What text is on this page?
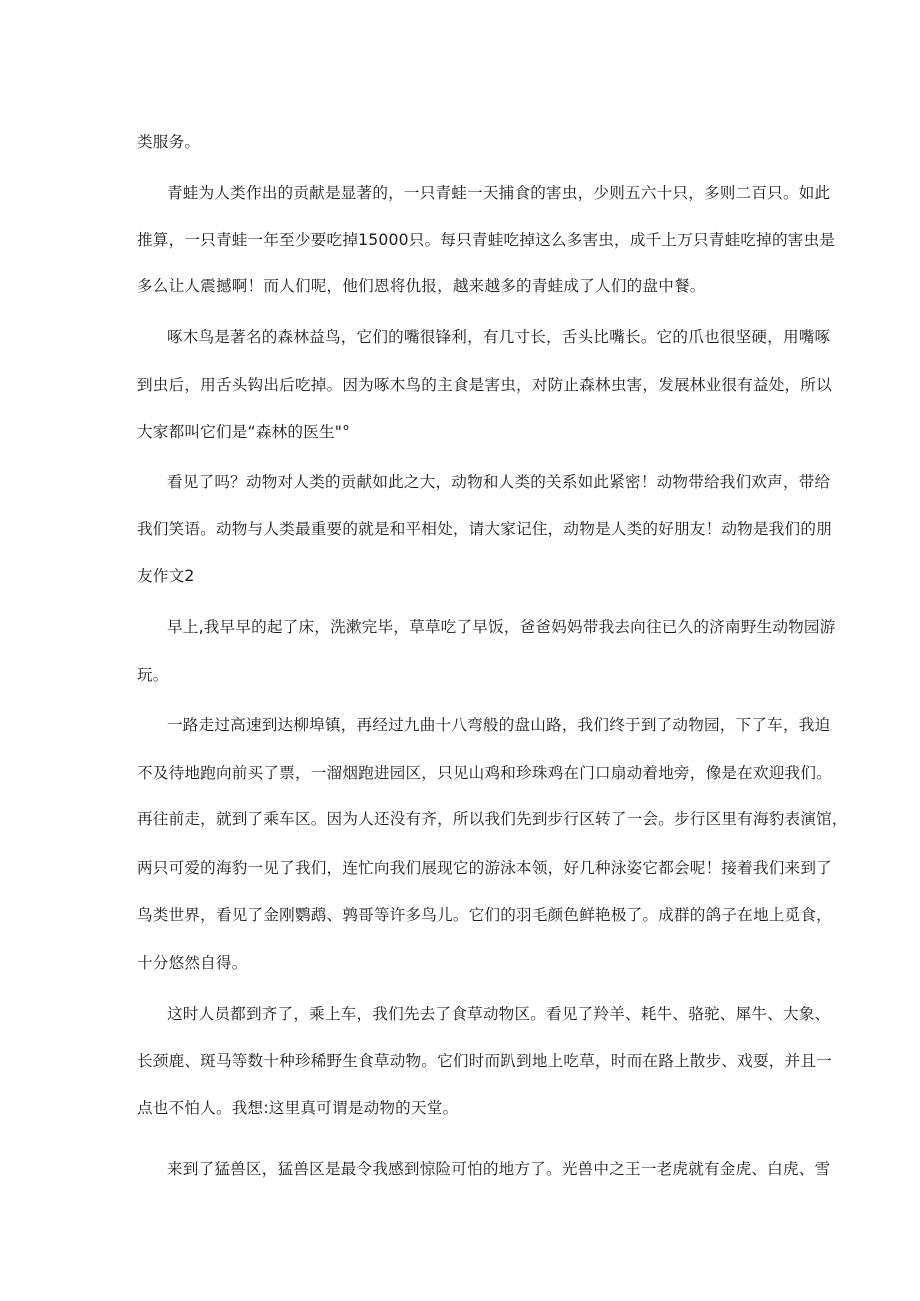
类服务。
青蛙为人类作出的贡献是显著的，一只青蛙一天捕食的害虫，少则五六十只，多则二百只。如此
推算，一只青蛙一年至少要吃掉15000只。每只青蛙吃掉这么多害虫，成千上万只青蛙吃掉的害虫是
多么让人震撼啊！而人们呢，他们恩将仇报，越来越多的青蛙成了人们的盘中餐。
啄木鸟是著名的森林益鸟，它们的嘴很锋利，有几寸长，舌头比嘴长。它的爪也很坚硬，用嘴啄
到虫后，用舌头钩出后吃掉。因为啄木鸟的主食是害虫，对防止森林虫害，发展林业很有益处，所以
大家都叫它们是“森林的医生"°
看见了吗？动物对人类的贡献如此之大，动物和人类的关系如此紧密！动物带给我们欢声，带给
我们笑语。动物与人类最重要的就是和平相处，请大家记住，动物是人类的好朋友！动物是我们的朋
友作文2
早上,我早早的起了床，洗漱完毕，草草吃了早饭，爸爸妈妈带我去向往已久的济南野生动物园游
玩。
一路走过高速到达柳埠镇，再经过九曲十八弯般的盘山路，我们终于到了动物园，下了车，我迫
不及待地跑向前买了票，一溜烟跑进园区，只见山鸡和珍珠鸡在门口扇动着地旁，像是在欢迎我们。
再往前走，就到了乘车区。因为人还没有齐，所以我们先到步行区转了一会。步行区里有海豹表演馆，
两只可爱的海豹一见了我们，连忙向我们展现它的游泳本领，好几种泳姿它都会呢！接着我们来到了
鸟类世界，看见了金刚鹦鹉、鹑哥等许多鸟儿。它们的羽毛颜色鲜艳极了。成群的鸽子在地上觅食，
十分悠然自得。
这时人员都到齐了，乘上车，我们先去了食草动物区。看见了羚羊、耗牛、骆驼、犀牛、大象、
长颈鹿、斑马等数十种珍稀野生食草动物。它们时而趴到地上吃草，时而在路上散步、戏耍，并且一
点也不怕人。我想:这里真可谓是动物的天堂。
来到了猛兽区，猛兽区是最令我感到惊险可怕的地方了。光兽中之王一老虎就有金虎、白虎、雪
